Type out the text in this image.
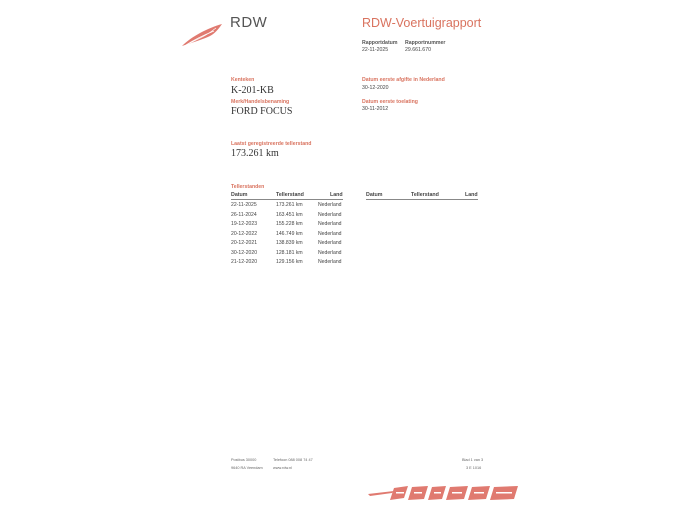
RDW	RDW-Voertuigrapport
Rapportdatum Rapportnummer
22-11-2025	29.661.670
Kenteken
K-201-KB
Merk/Handelsbenaming
FORD FOCUS
Datum eerste afgifte in Nederland
30-12-2020
Datum eerste toelating
30-11-2012
Laatst geregistreerde tellerstand
173.261 km
Tellerstanden
Datum	Tellerstand	Land	Datum	Tellerstand	Land
22-11-2025	173.261 km	Nederland
26-11-2024	163.451 km	Nederland
19-12-2023	155.228 km	Nederland
20-12-2022	146.749 km	Nederland
20-12-2021	138.839 km	Nederland
30-12-2020	128.181 km	Nederland
21-12-2020	129.156 km	Nederland
Postbus 30000
9640 RA Veendam
Telefoon 088 008 74 47
www.rdw.nl
Blad 1 van 3
3 E 1016
